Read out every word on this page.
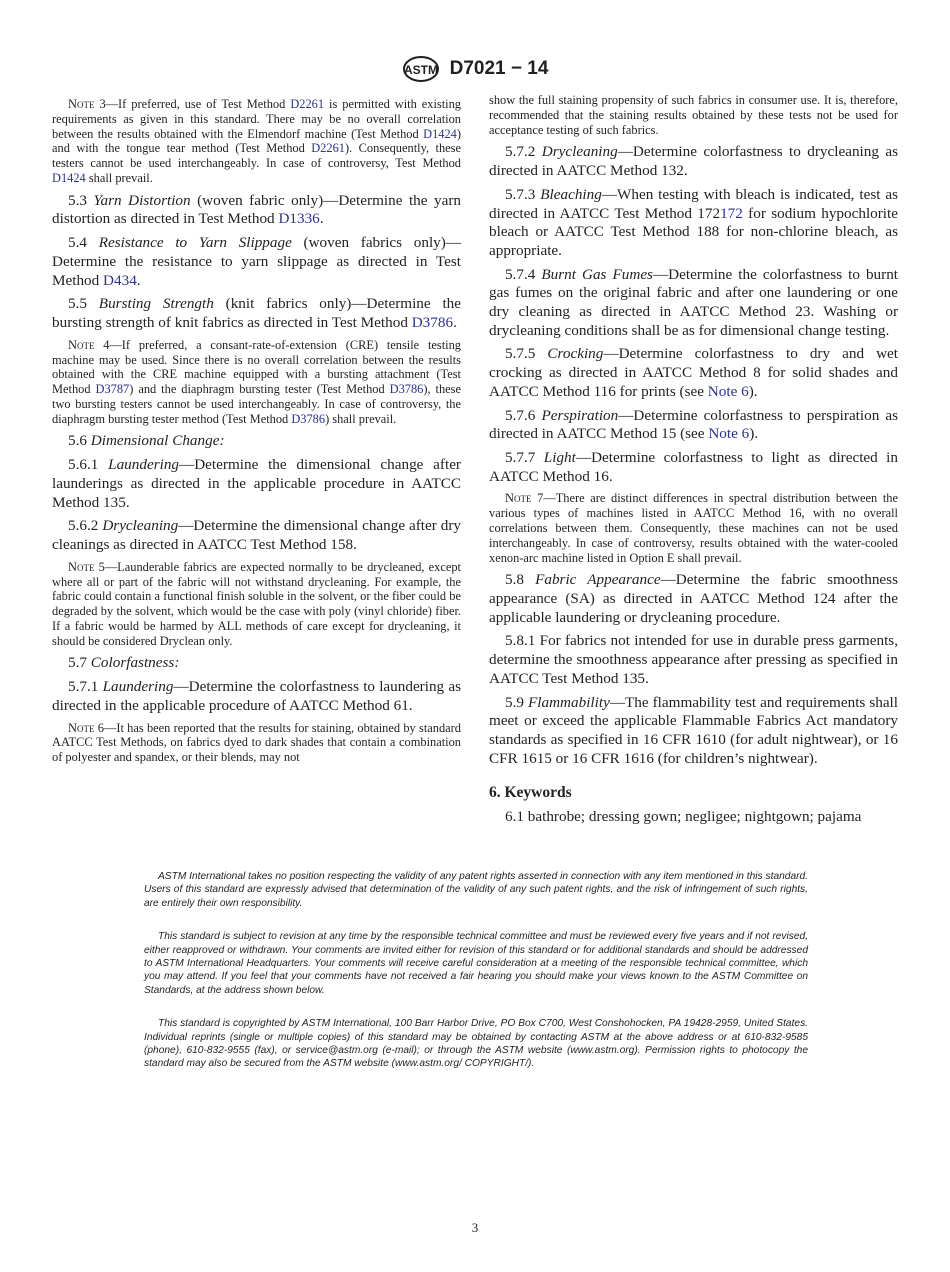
ASTM D7021 − 14

Note 3—If preferred, use of Test Method D2261 is permitted with existing requirements as given in this standard. There may be no overall correlation between the results obtained with the Elmendorf machine (Test Method D1424) and with the tongue tear method (Test Method D2261). Consequently, these testers cannot be used interchangeably. In case of controversy, Test Method D1424 shall prevail.

5.3 Yarn Distortion (woven fabric only)—Determine the yarn distortion as directed in Test Method D1336.

5.4 Resistance to Yarn Slippage (woven fabrics only)—Determine the resistance to yarn slippage as directed in Test Method D434.

5.5 Bursting Strength (knit fabrics only)—Determine the bursting strength of knit fabrics as directed in Test Method D3786.

Note 4—If preferred, a consant-rate-of-extension (CRE) tensile testing machine may be used. Since there is no overall correlation between the results obtained with the CRE machine equipped with a bursting attachment (Test Method D3787) and the diaphragm bursting tester (Test Method D3786), these two bursting testers cannot be used interchangeably. In case of controversy, the diaphragm bursting tester method (Test Method D3786) shall prevail.

5.6 Dimensional Change:

5.6.1 Laundering—Determine the dimensional change after launderings as directed in the applicable procedure in AATCC Method 135.

5.6.2 Drycleaning—Determine the dimensional change after dry cleanings as directed in AATCC Test Method 158.

Note 5—Launderable fabrics are expected normally to be drycleaned, except where all or part of the fabric will not withstand drycleaning. For example, the fabric could contain a functional finish soluble in the solvent, or the fiber could be degraded by the solvent, which would be the case with poly (vinyl chloride) fiber. If a fabric would be harmed by ALL methods of care except for drycleaning, it should be considered Dryclean only.

5.7 Colorfastness:

5.7.1 Laundering—Determine the colorfastness to laundering as directed in the applicable procedure of AATCC Method 61.

Note 6—It has been reported that the results for staining, obtained by standard AATCC Test Methods, on fabrics dyed to dark shades that contain a combination of polyester and spandex, or their blends, may not

show the full staining propensity of such fabrics in consumer use. It is, therefore, recommended that the staining results obtained by these tests not be used for acceptance testing of such fabrics.

5.7.2 Drycleaning—Determine colorfastness to drycleaning as directed in AATCC Method 132.

5.7.3 Bleaching—When testing with bleach is indicated, test as directed in AATCC Test Method 172172 for sodium hypochlorite bleach or AATCC Test Method 188 for non-chlorine bleach, as appropriate.

5.7.4 Burnt Gas Fumes—Determine the colorfastness to burnt gas fumes on the original fabric and after one laundering or one dry cleaning as directed in AATCC Method 23. Washing or drycleaning conditions shall be as for dimensional change testing.

5.7.5 Crocking—Determine colorfastness to dry and wet crocking as directed in AATCC Method 8 for solid shades and AATCC Method 116 for prints (see Note 6).

5.7.6 Perspiration—Determine colorfastness to perspiration as directed in AATCC Method 15 (see Note 6).

5.7.7 Light—Determine colorfastness to light as directed in AATCC Method 16.

Note 7—There are distinct differences in spectral distribution between the various types of machines listed in AATCC Method 16, with no overall correlations between them. Consequently, these machines can not be used interchangeably. In case of controversy, results obtained with the water-cooled xenon-arc machine listed in Option E shall prevail.

5.8 Fabric Appearance—Determine the fabric smoothness appearance (SA) as directed in AATCC Method 124 after the applicable laundering or drycleaning procedure.

5.8.1 For fabrics not intended for use in durable press garments, determine the smoothness appearance after pressing as specified in AATCC Test Method 135.

5.9 Flammability—The flammability test and requirements shall meet or exceed the applicable Flammable Fabrics Act mandatory standards as specified in 16 CFR 1610 (for adult nightwear), or 16 CFR 1615 or 16 CFR 1616 (for children’s nightwear).

6. Keywords

6.1 bathrobe; dressing gown; negligee; nightgown; pajama

ASTM International takes no position respecting the validity of any patent rights asserted in connection with any item mentioned in this standard. Users of this standard are expressly advised that determination of the validity of any such patent rights, and the risk of infringement of such rights, are entirely their own responsibility.

This standard is subject to revision at any time by the responsible technical committee and must be reviewed every five years and if not revised, either reapproved or withdrawn. Your comments are invited either for revision of this standard or for additional standards and should be addressed to ASTM International Headquarters. Your comments will receive careful consideration at a meeting of the responsible technical committee, which you may attend. If you feel that your comments have not received a fair hearing you should make your views known to the ASTM Committee on Standards, at the address shown below.

This standard is copyrighted by ASTM International, 100 Barr Harbor Drive, PO Box C700, West Conshohocken, PA 19428-2959, United States. Individual reprints (single or multiple copies) of this standard may be obtained by contacting ASTM at the above address or at 610-832-9585 (phone), 610-832-9555 (fax), or service@astm.org (e-mail); or through the ASTM website (www.astm.org). Permission rights to photocopy the standard may also be secured from the ASTM website (www.astm.org/ COPYRIGHT/).

3
